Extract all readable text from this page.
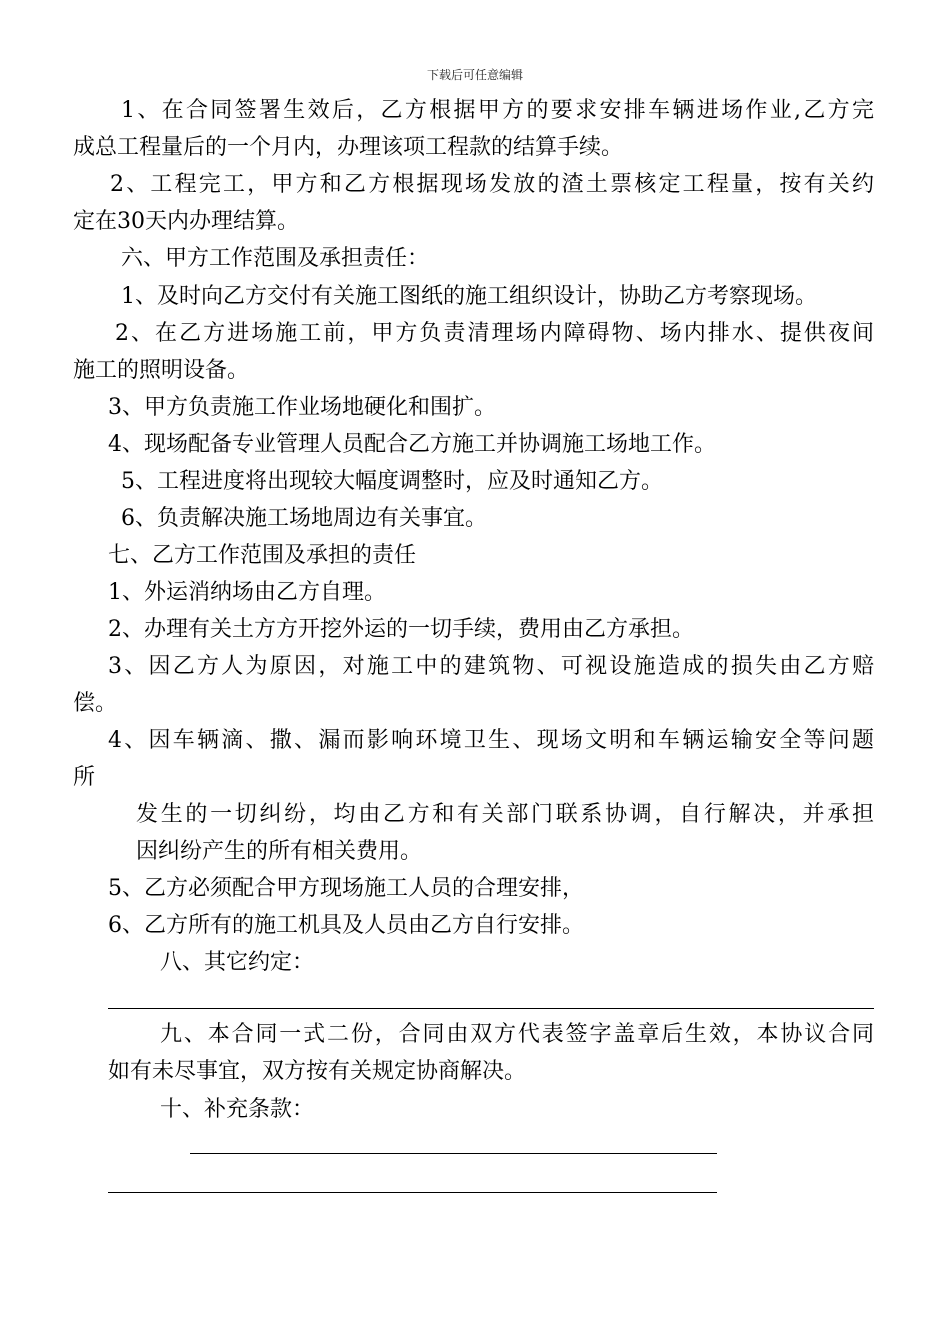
下载后可任意编辑
1、在合同签署生效后，乙方根据甲方的要求安排车辆进场作业,乙方完
成总工程量后的一个月内，办理该项工程款的结算手续。
2、工程完工，甲方和乙方根据现场发放的渣土票核定工程量，按有关约
定在30天内办理结算。
六、甲方工作范围及承担责任：
1、及时向乙方交付有关施工图纸的施工组织设计，协助乙方考察现场。
2、在乙方进场施工前，甲方负责清理场内障碍物、场内排水、提供夜间
施工的照明设备。
3、甲方负责施工作业场地硬化和围扩。
4、现场配备专业管理人员配合乙方施工并协调施工场地工作。
5、工程进度将出现较大幅度调整时，应及时通知乙方。
6、负责解决施工场地周边有关事宜。
七、乙方工作范围及承担的责任
1、外运消纳场由乙方自理。
2、办理有关土方方开挖外运的一切手续，费用由乙方承担。
3、因乙方人为原因，对施工中的建筑物、可视设施造成的损失由乙方赔
偿。
4、因车辆滴、撒、漏而影响环境卫生、现场文明和车辆运输安全等问题
所
发生的一切纠纷，均由乙方和有关部门联系协调，自行解决，并承担
因纠纷产生的所有相关费用。
5、乙方必须配合甲方现场施工人员的合理安排，
6、乙方所有的施工机具及人员由乙方自行安排。
八、其它约定：
九、本合同一式二份，合同由双方代表签字盖章后生效，本协议合同
如有未尽事宜，双方按有关规定协商解决。
十、补充条款：
